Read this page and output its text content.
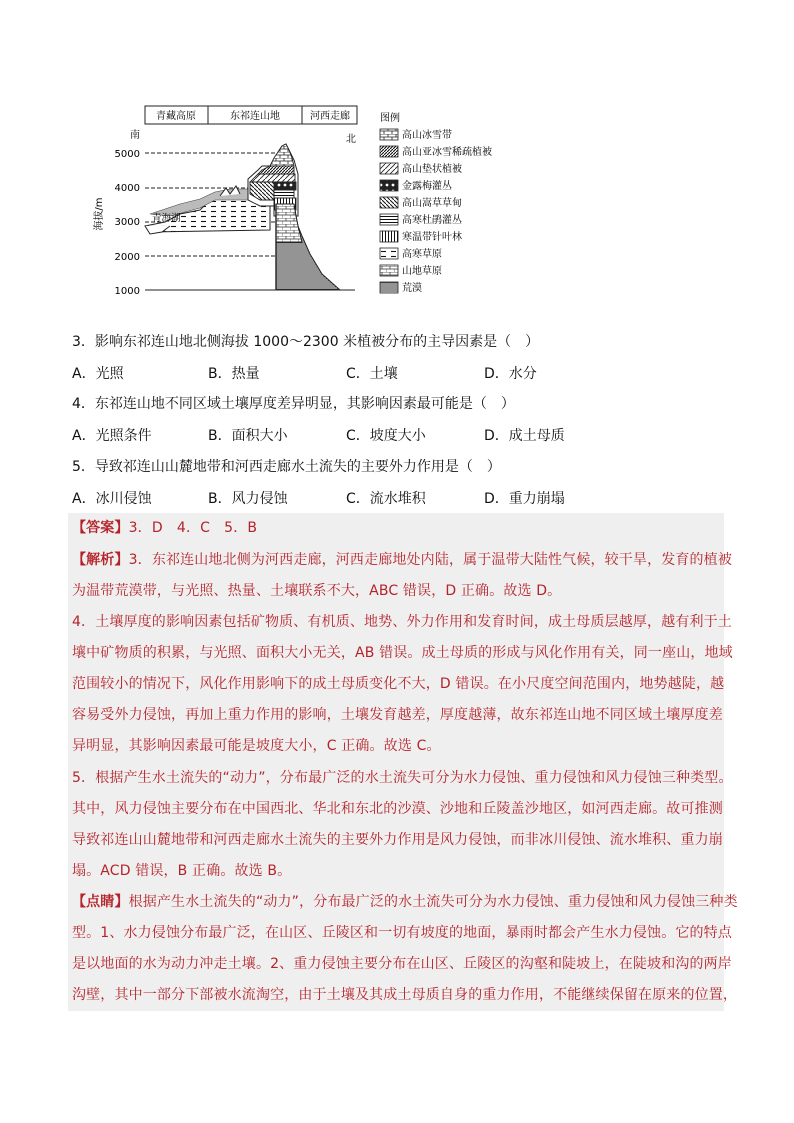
青藏高原	东祁连山地	河西走廊
南	北
海拔/m
5000
4000
3000
2000
1000
青海湖
图例
高山冰雪带
高山亚冰雪稀疏植被
高山垫状植被
金露梅灌丛
高山嵩草草甸
高寒杜鹃灌丛
寒温带针叶林
高寒草原
山地草原
荒漠
3．影响东祁连山地北侧海拔 1000～2300 米植被分布的主导因素是（　）
A．光照	B．热量	C．土壤	D．水分
4．东祁连山地不同区域土壤厚度差异明显，其影响因素最可能是（　）
A．光照条件	B．面积大小	C．坡度大小	D．成土母质
5．导致祁连山山麓地带和河西走廊水土流失的主要外力作用是（　）
A．冰川侵蚀	B．风力侵蚀	C．流水堆积	D．重力崩塌
【答案】3．D　4．C　5．B
【解析】3．东祁连山地北侧为河西走廊，河西走廊地处内陆，属于温带大陆性气候，较干旱，发育的植被
为温带荒漠带，与光照、热量、土壤联系不大，ABC 错误，D 正确。故选 D。
4．土壤厚度的影响因素包括矿物质、有机质、地势、外力作用和发育时间，成土母质层越厚，越有利于土
壤中矿物质的积累，与光照、面积大小无关，AB 错误。成土母质的形成与风化作用有关，同一座山，地域
范围较小的情况下，风化作用影响下的成土母质变化不大，D 错误。在小尺度空间范围内，地势越陡，越
容易受外力侵蚀，再加上重力作用的影响，土壤发育越差，厚度越薄，故东祁连山地不同区域土壤厚度差
异明显，其影响因素最可能是坡度大小，C 正确。故选 C。
5．根据产生水土流失的“动力”，分布最广泛的水土流失可分为水力侵蚀、重力侵蚀和风力侵蚀三种类型。
其中，风力侵蚀主要分布在中国西北、华北和东北的沙漠、沙地和丘陵盖沙地区，如河西走廊。故可推测
导致祁连山山麓地带和河西走廊水土流失的主要外力作用是风力侵蚀，而非冰川侵蚀、流水堆积、重力崩
塌。ACD 错误，B 正确。故选 B。
【点睛】根据产生水土流失的“动力”，分布最广泛的水土流失可分为水力侵蚀、重力侵蚀和风力侵蚀三种类
型。1、水力侵蚀分布最广泛，在山区、丘陵区和一切有坡度的地面，暴雨时都会产生水力侵蚀。它的特点
是以地面的水为动力冲走土壤。2、重力侵蚀主要分布在山区、丘陵区的沟壑和陡坡上，在陡坡和沟的两岸
沟壁，其中一部分下部被水流淘空，由于土壤及其成土母质自身的重力作用，不能继续保留在原来的位置，
